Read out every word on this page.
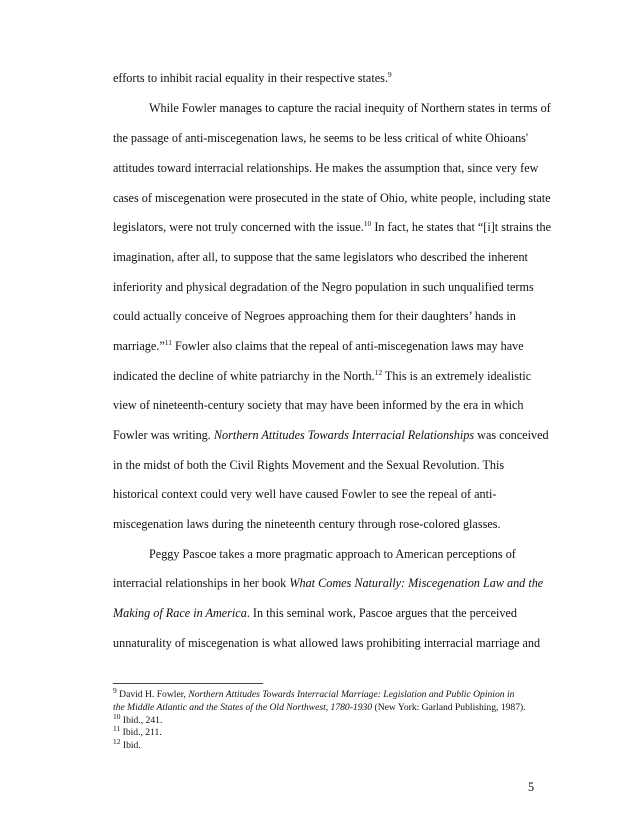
efforts to inhibit racial equality in their respective states.$^9$
While Fowler manages to capture the racial inequity of Northern states in terms of
the passage of anti-miscegenation laws, he seems to be less critical of white Ohioans'
attitudes toward interracial relationships. He makes the assumption that, since very few
cases of miscegenation were prosecuted in the state of Ohio, white people, including state
legislators, were not truly concerned with the issue.$^{10}$ In fact, he states that “[i]t strains the
imagination, after all, to suppose that the same legislators who described the inherent
inferiority and physical degradation of the Negro population in such unqualified terms
could actually conceive of Negroes approaching them for their daughters’ hands in
marriage.”$^{11}$ Fowler also claims that the repeal of anti-miscegenation laws may have
indicated the decline of white patriarchy in the North.$^{12}$ This is an extremely idealistic
view of nineteenth-century society that may have been informed by the era in which
Fowler was writing. Northern Attitudes Towards Interracial Relationships was conceived
in the midst of both the Civil Rights Movement and the Sexual Revolution. This
historical context could very well have caused Fowler to see the repeal of anti-
miscegenation laws during the nineteenth century through rose-colored glasses.
Peggy Pascoe takes a more pragmatic approach to American perceptions of
interracial relationships in her book What Comes Naturally: Miscegenation Law and the
Making of Race in America. In this seminal work, Pascoe argues that the perceived
unnaturality of miscegenation is what allowed laws prohibiting interracial marriage and
$^9$ David H. Fowler, Northern Attitudes Towards Interracial Marriage: Legislation and Public Opinion in
the Middle Atlantic and the States of the Old Northwest, 1780-1930 (New York: Garland Publishing, 1987).
$^{10}$ Ibid., 241.
$^{11}$ Ibid., 211.
$^{12}$ Ibid.
5
